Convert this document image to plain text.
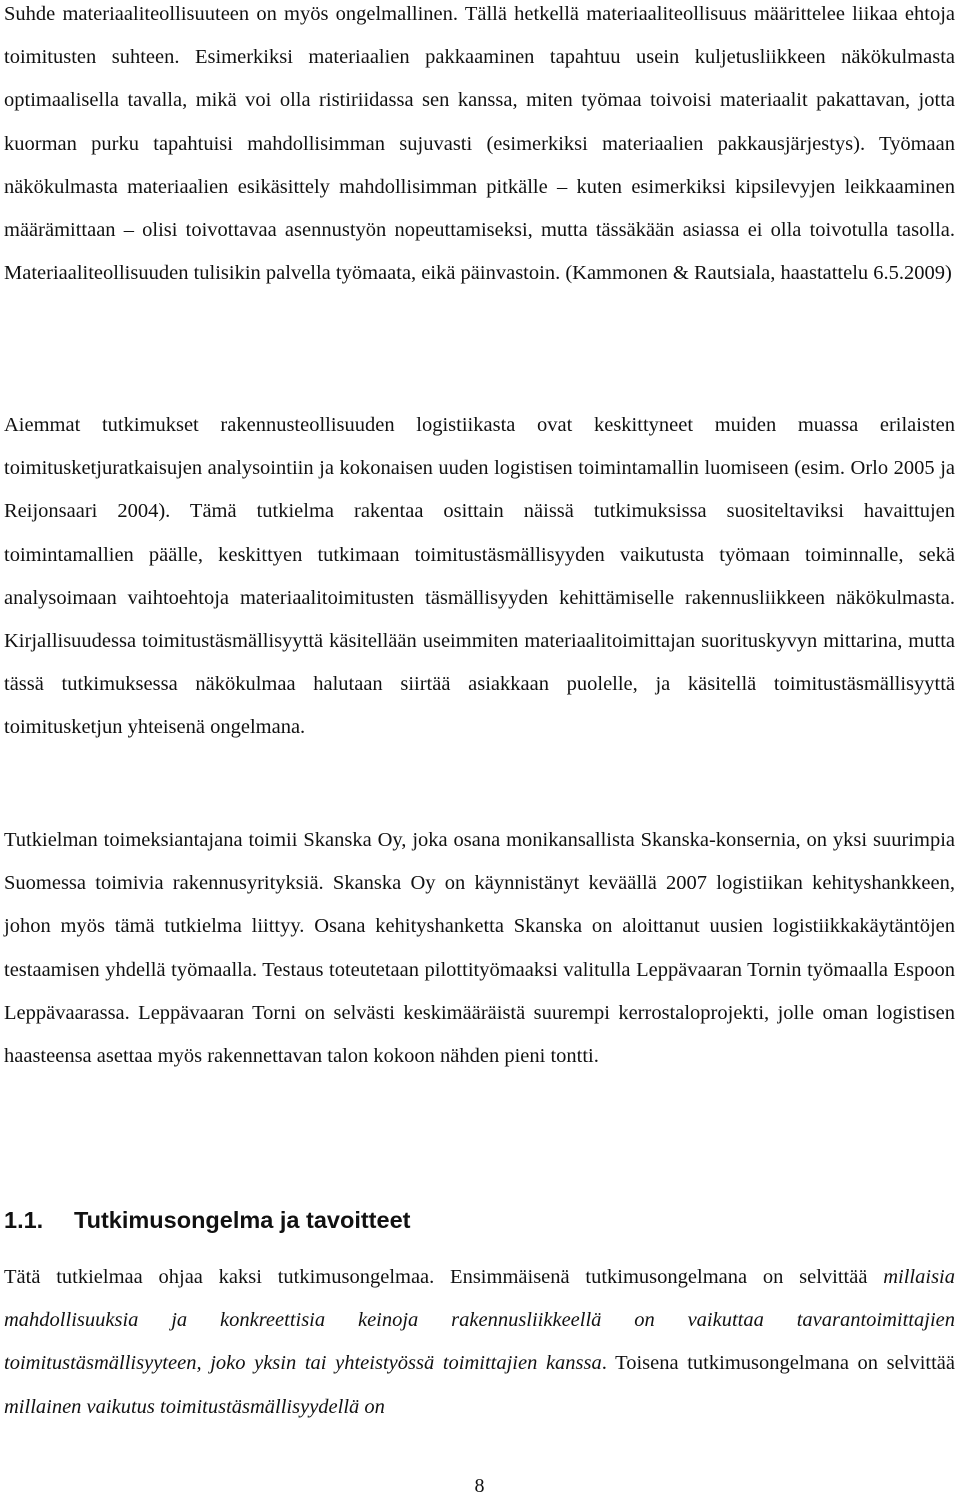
Suhde materiaaliteollisuuteen on myös ongelmallinen. Tällä hetkellä materiaaliteollisuus määrittelee liikaa ehtoja toimitusten suhteen. Esimerkiksi materiaalien pakkaaminen tapahtuu usein kuljetusliikkeen näkökulmasta optimaalisella tavalla, mikä voi olla ristiriidassa sen kanssa, miten työmaa toivoisi materiaalit pakattavan, jotta kuorman purku tapahtuisi mahdollisimman sujuvasti (esimerkiksi materiaalien pakkausjärjestys). Työmaan näkökulmasta materiaalien esikäsittely mahdollisimman pitkälle – kuten esimerkiksi kipsilevyjen leikkaaminen määrämittaan – olisi toivottavaa asennustyön nopeuttamiseksi, mutta tässäkään asiassa ei olla toivotulla tasolla. Materiaaliteollisuuden tulisikin palvella työmaata, eikä päinvastoin. (Kammonen & Rautsiala, haastattelu 6.5.2009)

Aiemmat tutkimukset rakennusteollisuuden logistiikasta ovat keskittyneet muiden muassa erilaisten toimitusketjuratkaisujen analysointiin ja kokonaisen uuden logistisen toimintamallin luomiseen (esim. Orlo 2005 ja Reijonsaari 2004). Tämä tutkielma rakentaa osittain näissä tutkimuksissa suositeltaviksi havaittujen toimintamallien päälle, keskittyen tutkimaan toimitustäsmällisyyden vaikutusta työmaan toiminnalle, sekä analysoimaan vaihtoehtoja materiaalitoimitusten täsmällisyyden kehittämiselle rakennusliikkeen näkökulmasta. Kirjallisuudessa toimitustäsmällisyyttä käsitellään useimmiten materiaalitoimittajan suorituskyvyn mittarina, mutta tässä tutkimuksessa näkökulmaa halutaan siirtää asiakkaan puolelle, ja käsitellä toimitustäsmällisyyttä toimitusketjun yhteisenä ongelmana.

Tutkielman toimeksiantajana toimii Skanska Oy, joka osana monikansallista Skanska-konsernia, on yksi suurimpia Suomessa toimivia rakennusyrityksiä. Skanska Oy on käynnistänyt keväällä 2007 logistiikan kehityshankkeen, johon myös tämä tutkielma liittyy. Osana kehityshanketta Skanska on aloittanut uusien logistiikkakäytäntöjen testaamisen yhdellä työmaalla. Testaus toteutetaan pilottityömaaksi valitulla Leppävaaran Tornin työmaalla Espoon Leppävaarassa. Leppävaaran Torni on selvästi keskimääräistä suurempi kerrostaloprojekti, jolle oman logistisen haasteensa asettaa myös rakennettavan talon kokoon nähden pieni tontti.

1.1. Tutkimusongelma ja tavoitteet

Tätä tutkielmaa ohjaa kaksi tutkimusongelmaa. Ensimmäisenä tutkimusongelmana on selvittää millaisia mahdollisuuksia ja konkreettisia keinoja rakennusliikkeellä on vaikuttaa tavarantoimittajien toimitustäsmällisyyteen, joko yksin tai yhteistyössä toimittajien kanssa. Toisena tutkimusongelmana on selvittää millainen vaikutus toimitustäsmällisyydellä on

8
